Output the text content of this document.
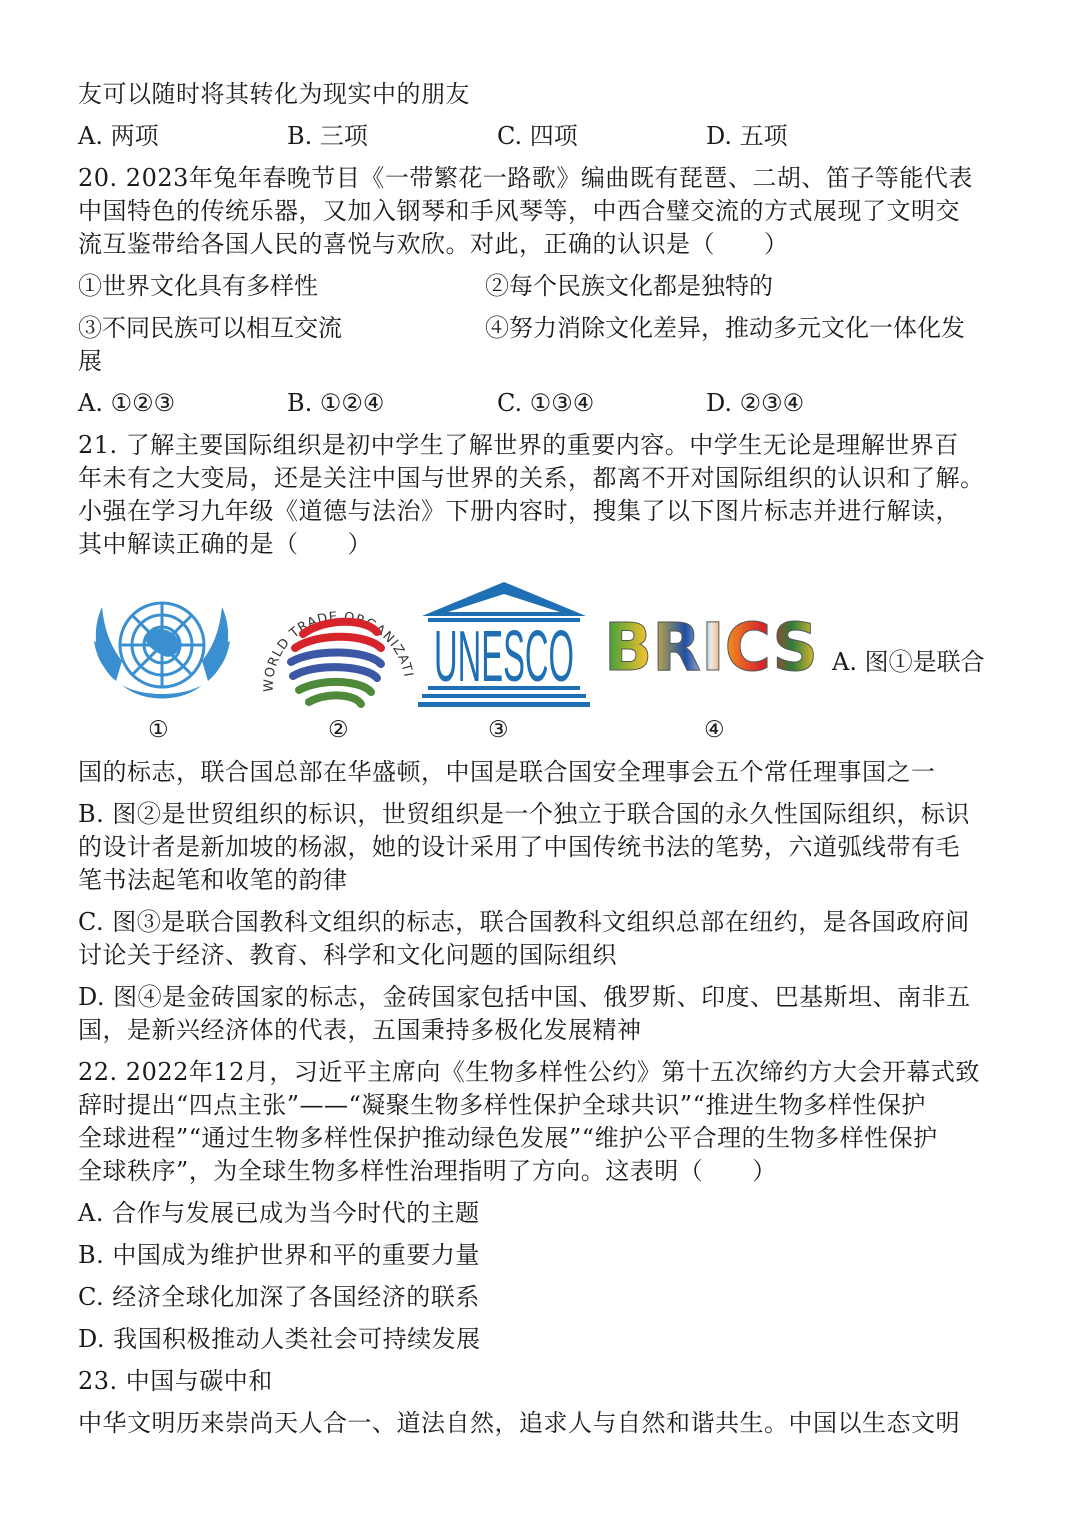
友可以随时将其转化为现实中的朋友
A. 两项	B. 三项	C. 四项	D. 五项
20. 2023年兔年春晚节目《一带繁花一路歌》编曲既有琵琶、二胡、笛子等能代表
中国特色的传统乐器，又加入钢琴和手风琴等，中西合璧交流的方式展现了文明交
流互鉴带给各国人民的喜悦与欢欣。对此，正确的认识是（　　）
①世界文化具有多样性	②每个民族文化都是独特的
③不同民族可以相互交流	④努力消除文化差异，推动多元文化一体化发
展
A. ①②③	B. ①②④	C. ①③④	D. ②③④
21. 了解主要国际组织是初中学生了解世界的重要内容。中学生无论是理解世界百
年未有之大变局，还是关注中国与世界的关系，都离不开对国际组织的认识和了解。
小强在学习九年级《道德与法治》下册内容时，搜集了以下图片标志并进行解读，
其中解读正确的是（　　）
①
WORLD TRADE ORGANIZATI
②
UNESCO
③
BRICS
④
A. 图①是联合
国的标志，联合国总部在华盛顿，中国是联合国安全理事会五个常任理事国之一
B. 图②是世贸组织的标识，世贸组织是一个独立于联合国的永久性国际组织，标识
的设计者是新加坡的杨淑，她的设计采用了中国传统书法的笔势，六道弧线带有毛
笔书法起笔和收笔的韵律
C. 图③是联合国教科文组织的标志，联合国教科文组织总部在纽约，是各国政府间
讨论关于经济、教育、科学和文化问题的国际组织
D. 图④是金砖国家的标志，金砖国家包括中国、俄罗斯、印度、巴基斯坦、南非五
国，是新兴经济体的代表，五国秉持多极化发展精神
22. 2022年12月，习近平主席向《生物多样性公约》第十五次缔约方大会开幕式致
辞时提出“四点主张”——“凝聚生物多样性保护全球共识”“推进生物多样性保护
全球进程”“通过生物多样性保护推动绿色发展”“维护公平合理的生物多样性保护
全球秩序”，为全球生物多样性治理指明了方向。这表明（　　）
A. 合作与发展已成为当今时代的主题
B. 中国成为维护世界和平的重要力量
C. 经济全球化加深了各国经济的联系
D. 我国积极推动人类社会可持续发展
23. 中国与碳中和
中华文明历来崇尚天人合一、道法自然，追求人与自然和谐共生。中国以生态文明
